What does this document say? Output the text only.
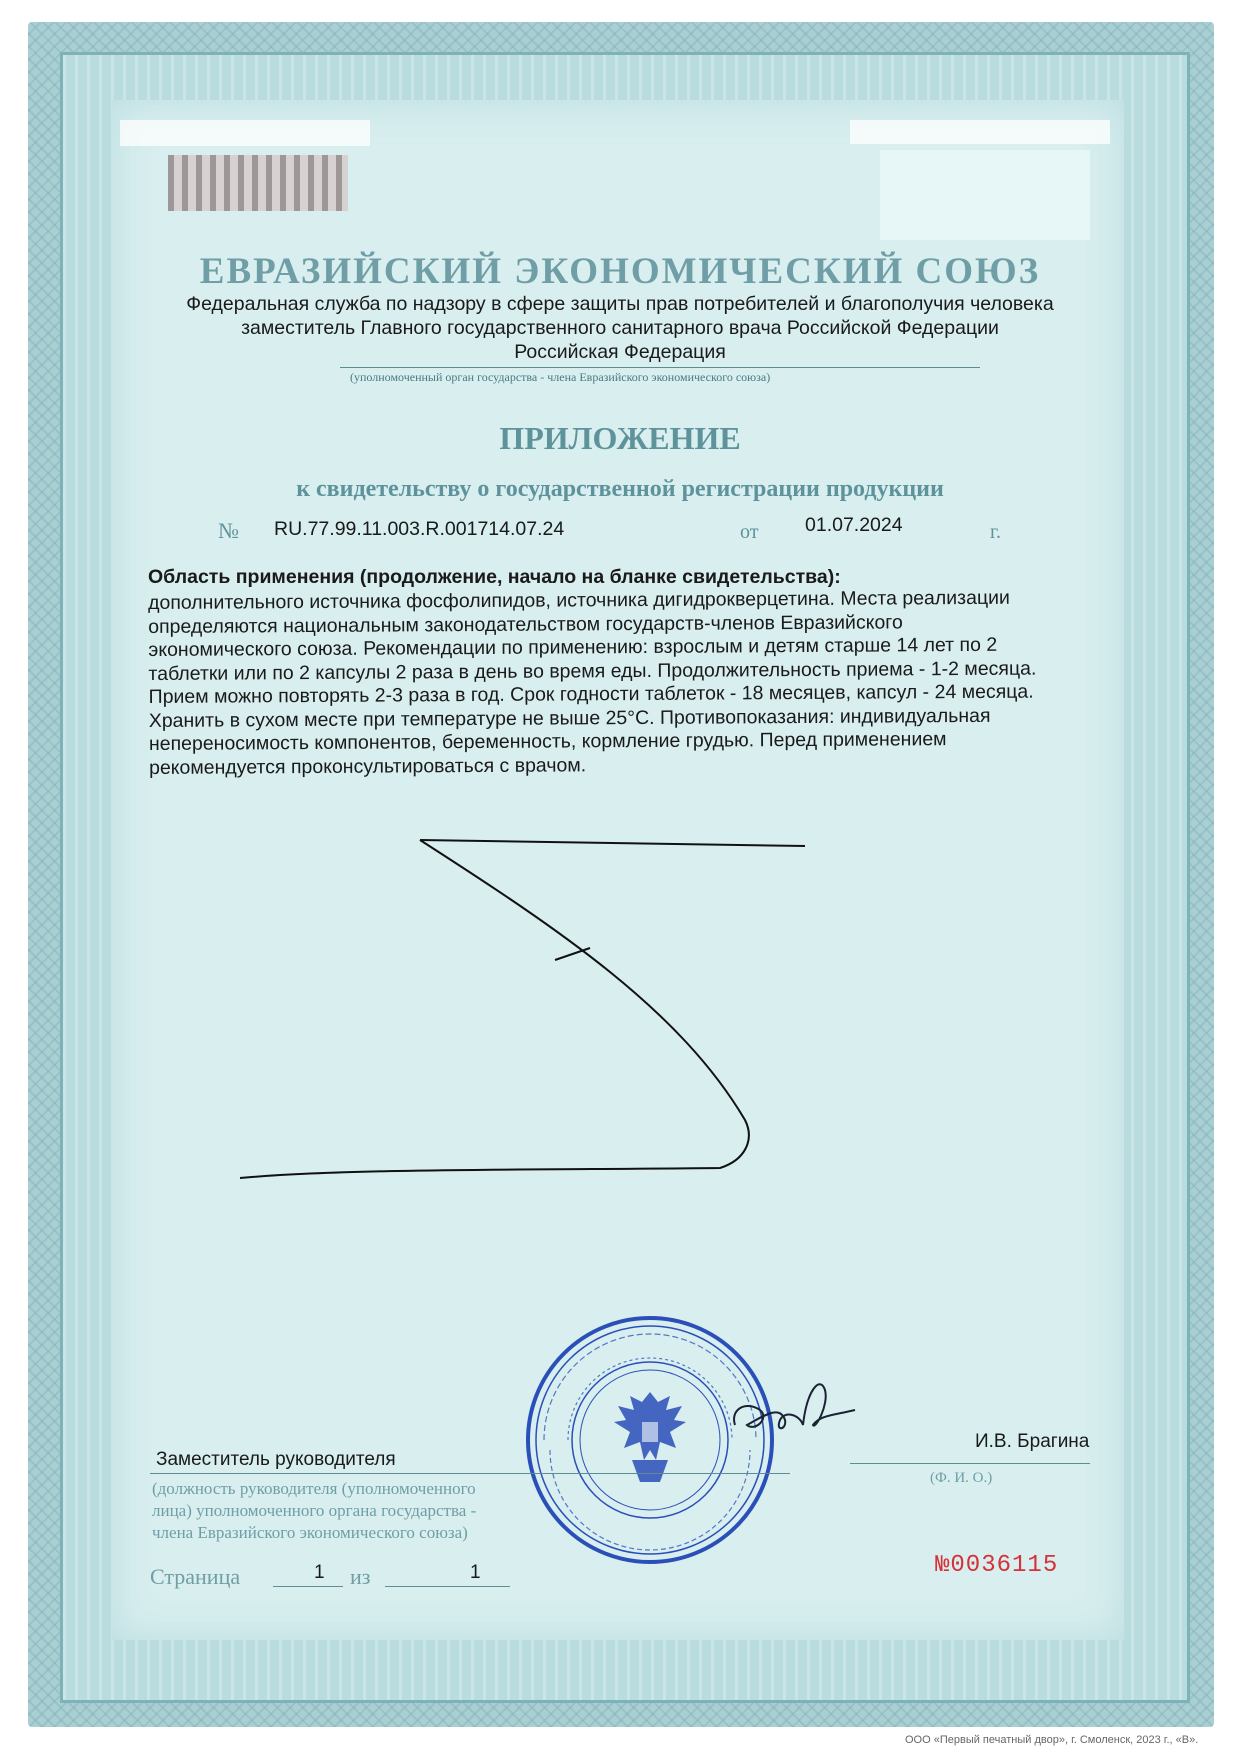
ЕВРАЗИЙСКИЙ ЭКОНОМИЧЕСКИЙ СОЮЗ
Федеральная служба по надзору в сфере защиты прав потребителей и благополучия человека
заместитель Главного государственного санитарного врача Российской Федерации
Российская Федерация
(уполномоченный орган государства - члена Евразийского экономического союза)
ПРИЛОЖЕНИЕ
к свидетельству о государственной регистрации продукции
№ RU.77.99.11.003.R.001714.07.24	от 01.07.2024	г.
Область применения (продолжение, начало на бланке свидетельства):
дополнительного источника фосфолипидов, источника дигидрокверцетина. Места реализации
определяются национальным законодательством государств-членов Евразийского
экономического союза. Рекомендации по применению: взрослым и детям старше 14 лет по 2
таблетки или по 2 капсулы 2 раза в день во время еды. Продолжительность приема - 1-2 месяца.
Прием можно повторять 2-3 раза в год. Срок годности таблеток - 18 месяцев, капсул - 24 месяца.
Хранить в сухом месте при температуре не выше 25°С. Противопоказания: индивидуальная
непереносимость компонентов, беременность, кормление грудью. Перед применением
рекомендуется проконсультироваться с врачом.
Заместитель руководителя
(должность руководителя (уполномоченного
лица) уполномоченного органа государства -
члена Евразийского экономического союза)
И.В. Брагина
(Ф. И. О.)
Страница	1 из	1	№0036115
ООО «Первый печатный двор», г. Смоленск, 2023 г., «В».
